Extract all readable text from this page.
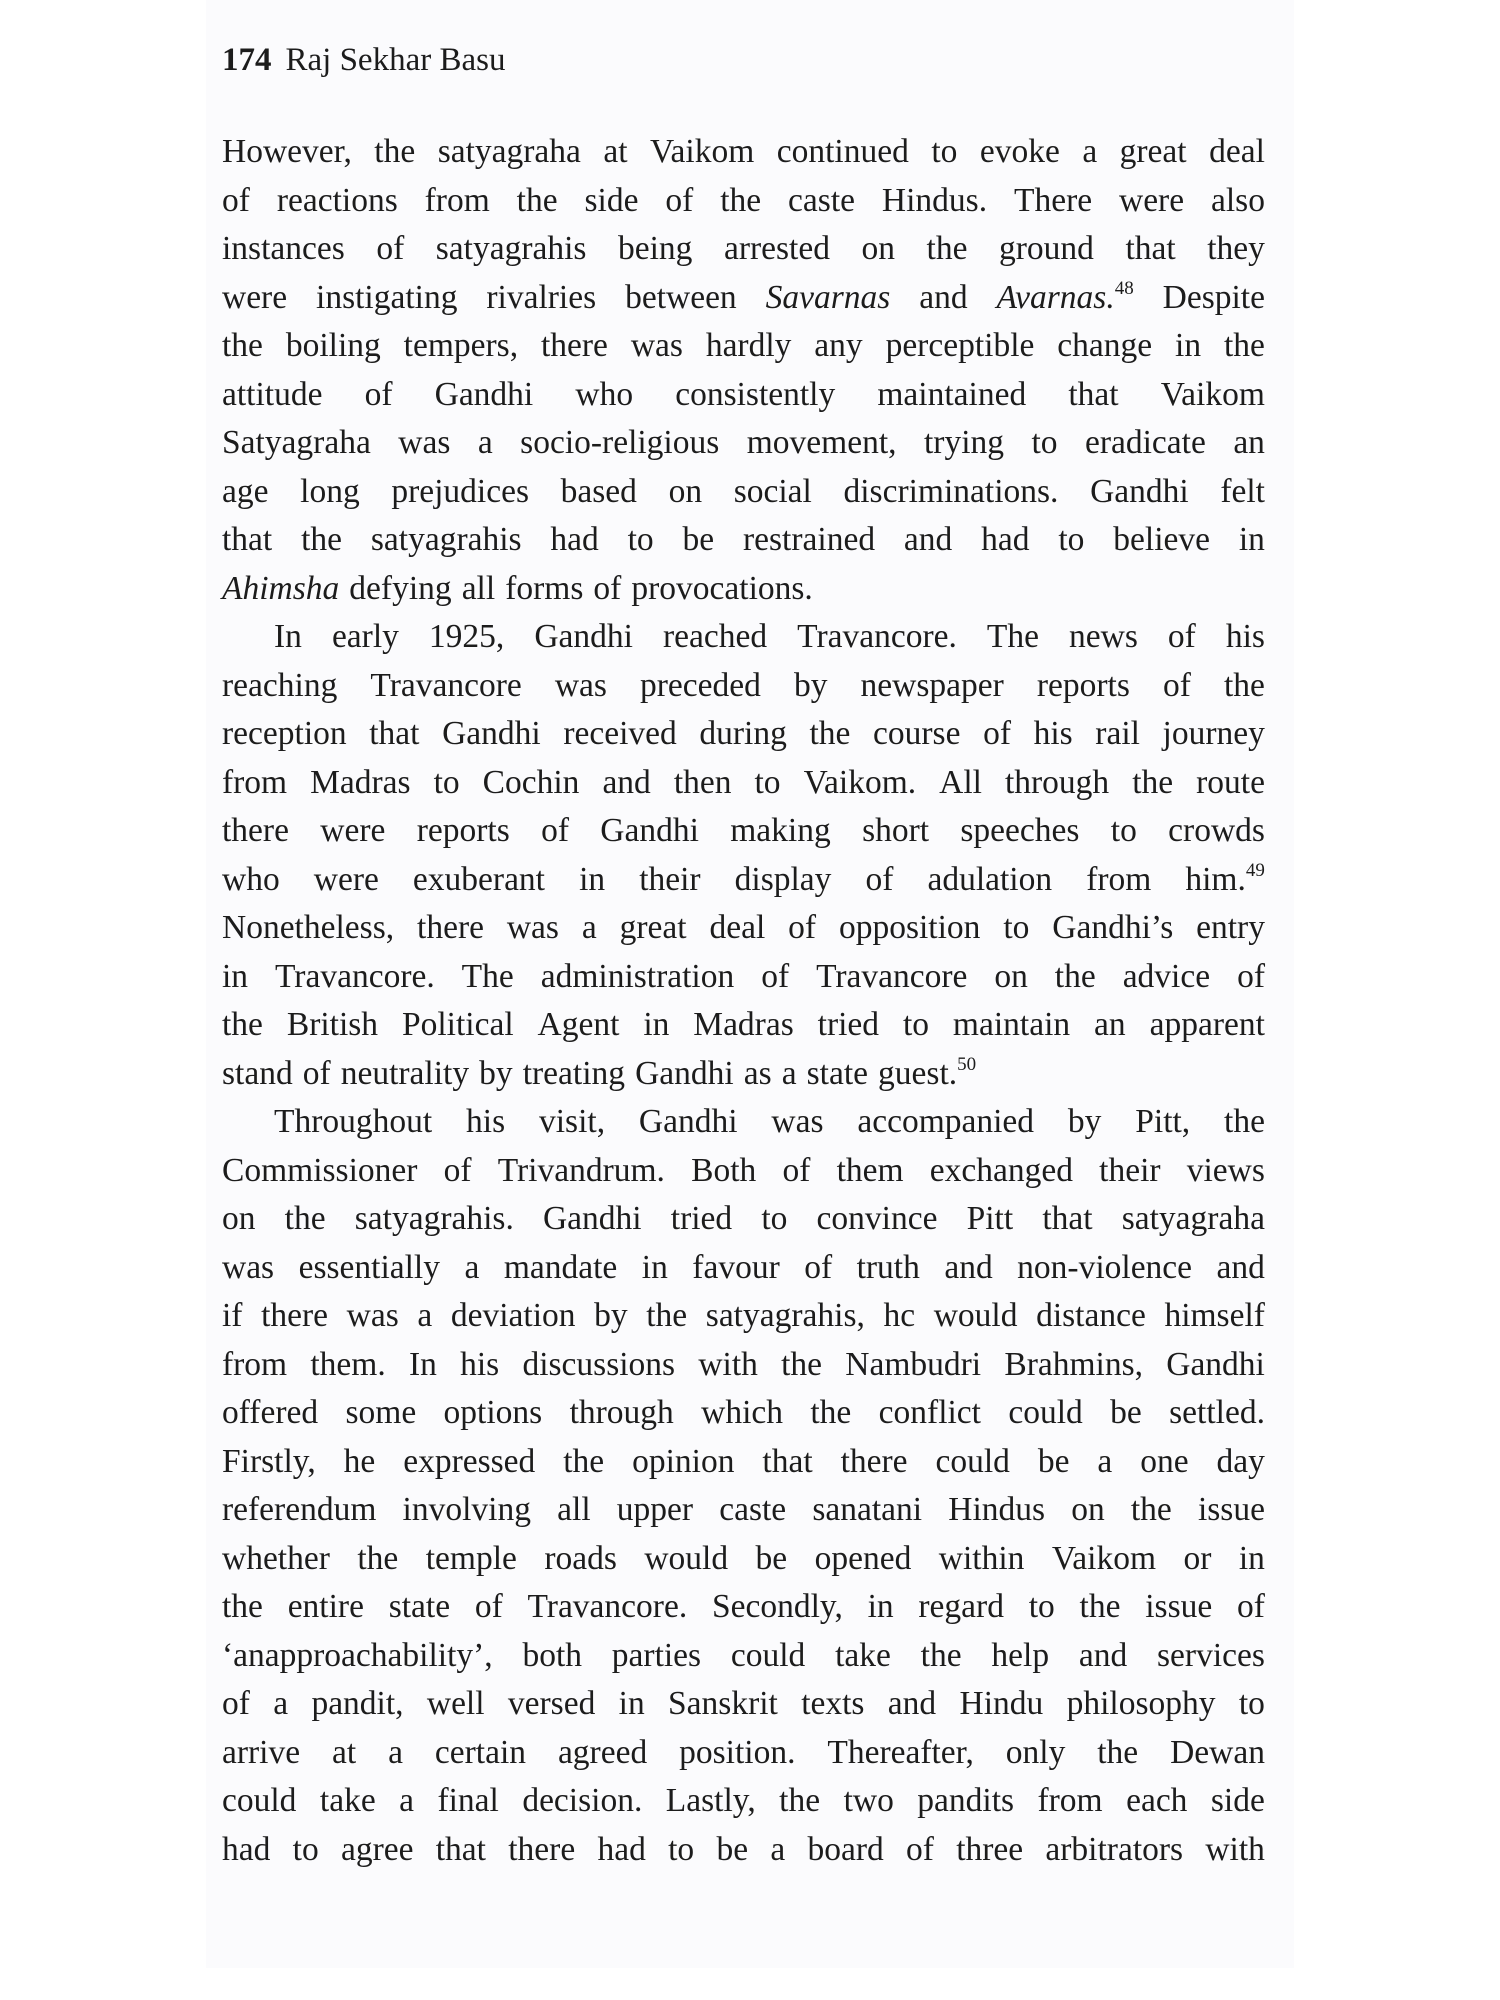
174 Raj Sekhar Basu
However, the satyagraha at Vaikom continued to evoke a great deal
of reactions from the side of the caste Hindus. There were also
instances of satyagrahis being arrested on the ground that they
were instigating rivalries between Savarnas and Avarnas.$^{48}$ Despite
the boiling tempers, there was hardly any perceptible change in the
attitude of Gandhi who consistently maintained that Vaikom
Satyagraha was a socio-religious movement, trying to eradicate an
age long prejudices based on social discriminations. Gandhi felt
that the satyagrahis had to be restrained and had to believe in
Ahimsha defying all forms of provocations.
In early 1925, Gandhi reached Travancore. The news of his
reaching Travancore was preceded by newspaper reports of the
reception that Gandhi received during the course of his rail journey
from Madras to Cochin and then to Vaikom. All through the route
there were reports of Gandhi making short speeches to crowds
who were exuberant in their display of adulation from him.$^{49}$
Nonetheless, there was a great deal of opposition to Gandhi’s entry
in Travancore. The administration of Travancore on the advice of
the British Political Agent in Madras tried to maintain an apparent
stand of neutrality by treating Gandhi as a state guest.$^{50}$
Throughout his visit, Gandhi was accompanied by Pitt, the
Commissioner of Trivandrum. Both of them exchanged their views
on the satyagrahis. Gandhi tried to convince Pitt that satyagraha
was essentially a mandate in favour of truth and non-violence and
if there was a deviation by the satyagrahis, hc would distance himself
from them. In his discussions with the Nambudri Brahmins, Gandhi
offered some options through which the conflict could be settled.
Firstly, he expressed the opinion that there could be a one day
referendum involving all upper caste sanatani Hindus on the issue
whether the temple roads would be opened within Vaikom or in
the entire state of Travancore. Secondly, in regard to the issue of
‘anapproachability’, both parties could take the help and services
of a pandit, well versed in Sanskrit texts and Hindu philosophy to
arrive at a certain agreed position. Thereafter, only the Dewan
could take a final decision. Lastly, the two pandits from each side
had to agree that there had to be a board of three arbitrators with
